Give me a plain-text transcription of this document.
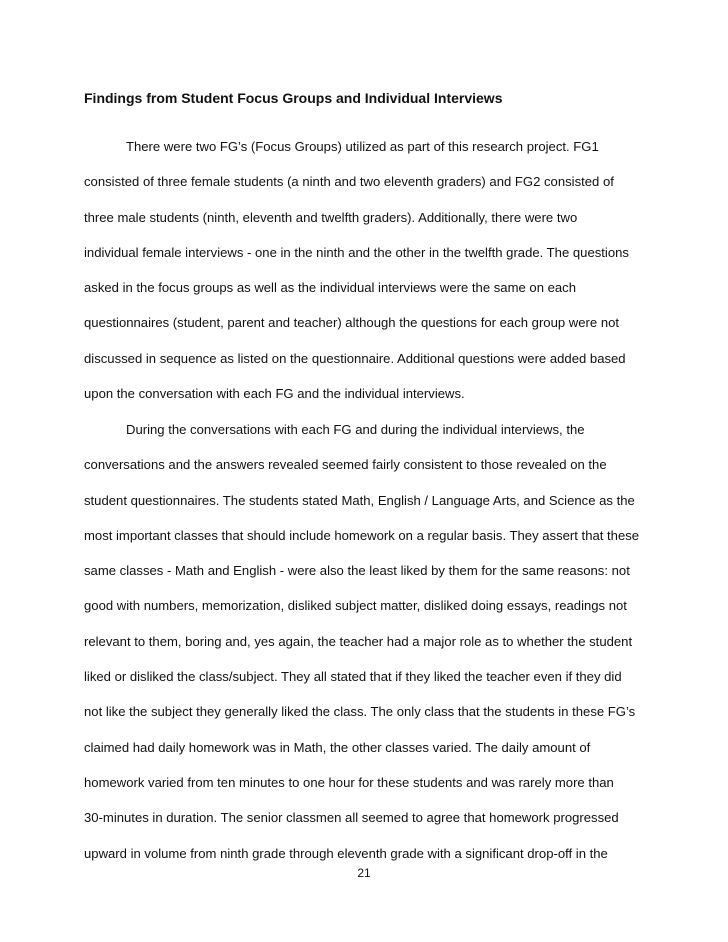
Findings from Student Focus Groups and Individual Interviews
There were two FG’s (Focus Groups) utilized as part of this research project. FG1
consisted of three female students (a ninth and two eleventh graders) and FG2 consisted of
three male students (ninth, eleventh and twelfth graders). Additionally, there were two
individual female interviews - one in the ninth and the other in the twelfth grade. The questions
asked in the focus groups as well as the individual interviews were the same on each
questionnaires (student, parent and teacher) although the questions for each group were not
discussed in sequence as listed on the questionnaire. Additional questions were added based
upon the conversation with each FG and the individual interviews.
During the conversations with each FG and during the individual interviews, the
conversations and the answers revealed seemed fairly consistent to those revealed on the
student questionnaires. The students stated Math, English / Language Arts, and Science as the
most important classes that should include homework on a regular basis. They assert that these
same classes - Math and English - were also the least liked by them for the same reasons: not
good with numbers, memorization, disliked subject matter, disliked doing essays, readings not
relevant to them, boring and, yes again, the teacher had a major role as to whether the student
liked or disliked the class/subject. They all stated that if they liked the teacher even if they did
not like the subject they generally liked the class. The only class that the students in these FG’s
claimed had daily homework was in Math, the other classes varied. The daily amount of
homework varied from ten minutes to one hour for these students and was rarely more than
30-minutes in duration. The senior classmen all seemed to agree that homework progressed
upward in volume from ninth grade through eleventh grade with a significant drop-off in the
21
